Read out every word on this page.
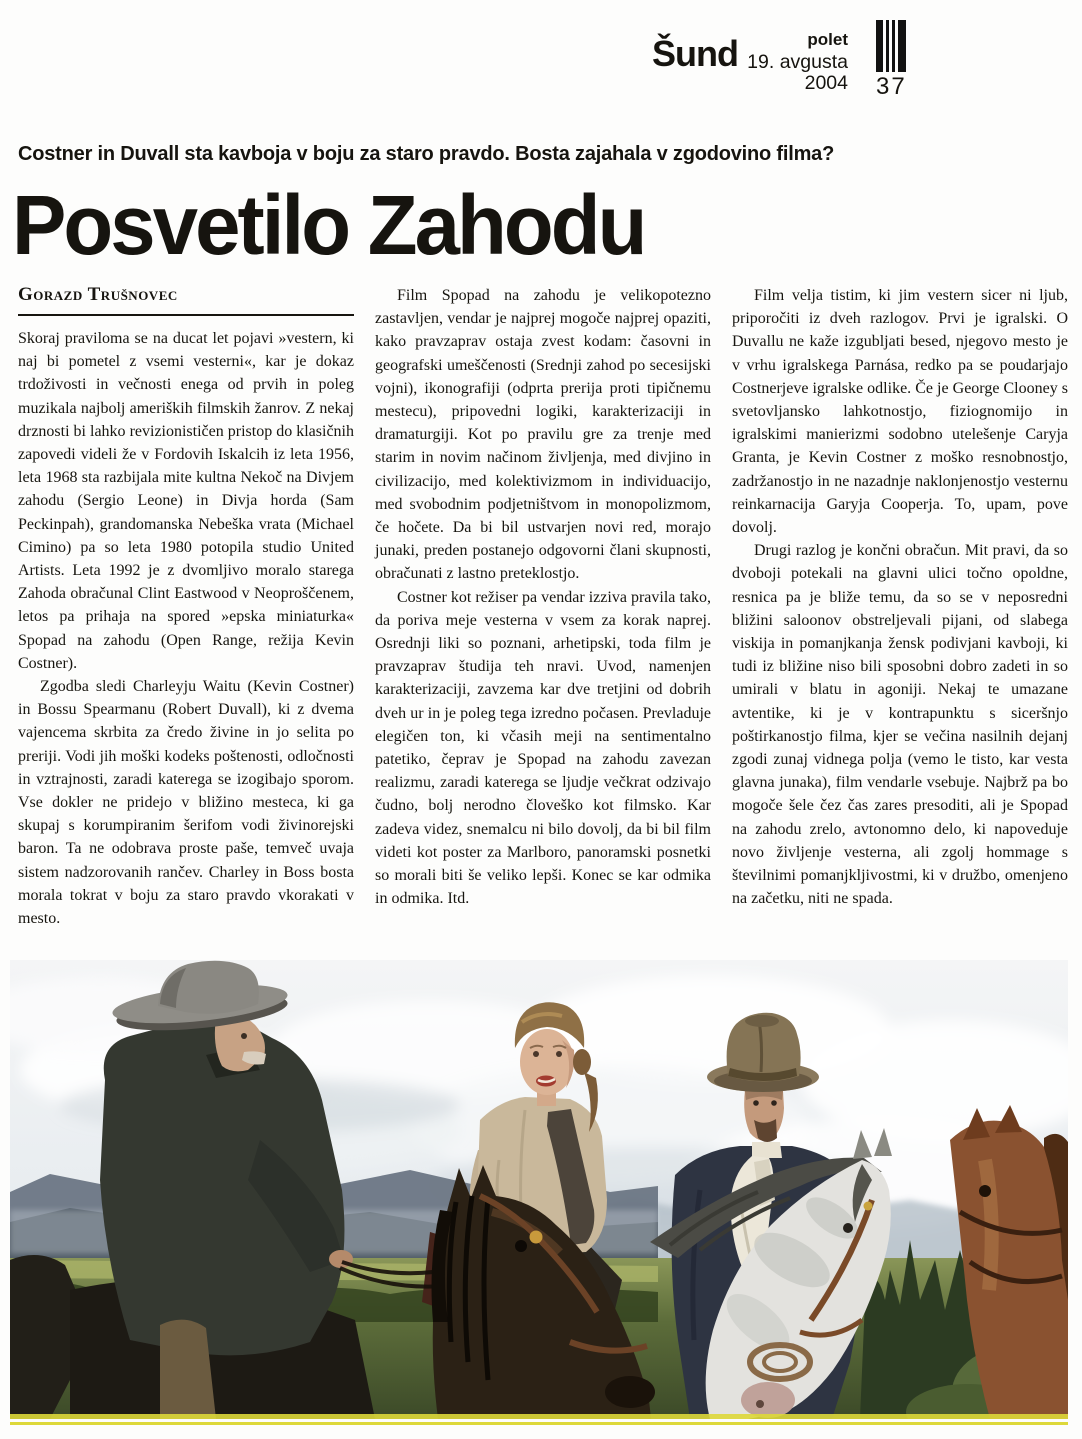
Šund	polet
19. avgusta 2004 37
Costner in Duvall sta kavboja v boju za staro pravdo. Bosta zajahala v zgodovino filma?
Posvetilo Zahodu
Gorazd Trušnovec

Skoraj praviloma se na ducat let pojavi »vestern, ki naj bi pometel z vsemi vesterni«, kar je dokaz trdoživosti in večnosti enega od prvih in poleg muzikala najbolj ameriških filmskih žanrov. Z nekaj drznosti bi lahko revizionističen pristop do klasičnih zapovedi videli že v Fordovih Iskalcih iz leta 1956, leta 1968 sta razbijala mite kultna Nekoč na Divjem zahodu (Sergio Leone) in Divja horda (Sam Peckinpah), grandomanska Nebeška vrata (Michael Cimino) pa so leta 1980 potopila studio United Artists. Leta 1992 je z dvomljivo moralo starega Zahoda obračunal Clint Eastwood v Neoproščenem, letos pa prihaja na spored »epska miniaturka« Spopad na zahodu (Open Range, režija Kevin Costner).

Zgodba sledi Charleyju Waitu (Kevin Costner) in Bossu Spearmanu (Robert Duvall), ki z dvema vajencema skrbita za čredo živine in jo selita po preriji. Vodi jih moški kodeks poštenosti, odločnosti in vztrajnosti, zaradi katerega se izogibajo sporom. Vse dokler ne pridejo v bližino mesteca, ki ga skupaj s korumpiranim šerifom vodi živinorejski baron. Ta ne odobrava proste paše, temveč uvaja sistem nadzorovanih rančev. Charley in Boss bosta morala tokrat v boju za staro pravdo vkorakati v mesto.

Film Spopad na zahodu je velikopotezno zastavljen, vendar je najprej mogoče najprej opaziti, kako pravzaprav ostaja zvest kodam: časovni in geografski umeščenosti (Srednji zahod po secesijski vojni), ikonografiji (odprta prerija proti tipičnemu mestecu), pripovedni logiki, karakterizaciji in dramaturgiji. Kot po pravilu gre za trenje med starim in novim načinom življenja, med divjino in civilizacijo, med kolektivizmom in individuacijo, med svobodnim podjetništvom in monopolizmom, če hočete. Da bi bil ustvarjen novi red, morajo junaki, preden postanejo odgovorni člani skupnosti, obračunati z lastno preteklostjo.

Costner kot režiser pa vendar izziva pravila tako, da poriva meje vesterna v vsem za korak naprej. Osrednji liki so poznani, arhetipski, toda film je pravzaprav študija teh nravi. Uvod, namenjen karakterizaciji, zavzema kar dve tretjini od dobrih dveh ur in je poleg tega izredno počasen. Prevladuje elegičen ton, ki včasih meji na sentimentalno patetiko, čeprav je Spopad na zahodu zavezan realizmu, zaradi katerega se ljudje večkrat odzivajo čudno, bolj nerodno človeško kot filmsko. Kar zadeva videz, snemalcu ni bilo dovolj, da bi bil film videti kot poster za Marlboro, panoramski posnetki so morali biti še veliko lepši. Konec se kar odmika in odmika. Itd.

Film velja tistim, ki jim vestern sicer ni ljub, priporočiti iz dveh razlogov. Prvi je igralski. O Duvallu ne kaže izgubljati besed, njegovo mesto je v vrhu igralskega Parnása, redko pa se poudarjajo Costnerjeve igralske odlike. Če je George Clooney s svetovljansko lahkotnostjo, fiziognomijo in igralskimi manierizmi sodobno utelešenje Caryja Granta, je Kevin Costner z moško resnobnostjo, zadržanostjo in ne nazadnje naklonjenostjo vesternu reinkarnacija Garyja Cooperja. To, upam, pove dovolj.

Drugi razlog je končni obračun. Mit pravi, da so dvoboji potekali na glavni ulici točno opoldne, resnica pa je bliže temu, da so se v neposredni bližini saloonov obstreljevali pijani, od slabega viskija in pomanjkanja žensk podivjani kavboji, ki tudi iz bližine niso bili sposobni dobro zadeti in so umirali v blatu in agoniji. Nekaj te umazane avtentike, ki je v kontrapunktu s siceršnjo poštirkanostjo filma, kjer se večina nasilnih dejanj zgodi zunaj vidnega polja (vemo le tisto, kar vesta glavna junaka), film vendarle vsebuje. Najbrž pa bo mogoče šele čez čas zares presoditi, ali je Spopad na zahodu zrelo, avtonomno delo, ki napoveduje novo življenje vesterna, ali zgolj hommage s številnimi pomanjkljivostmi, ki v družbo, omenjeno na začetku, niti ne spada.
